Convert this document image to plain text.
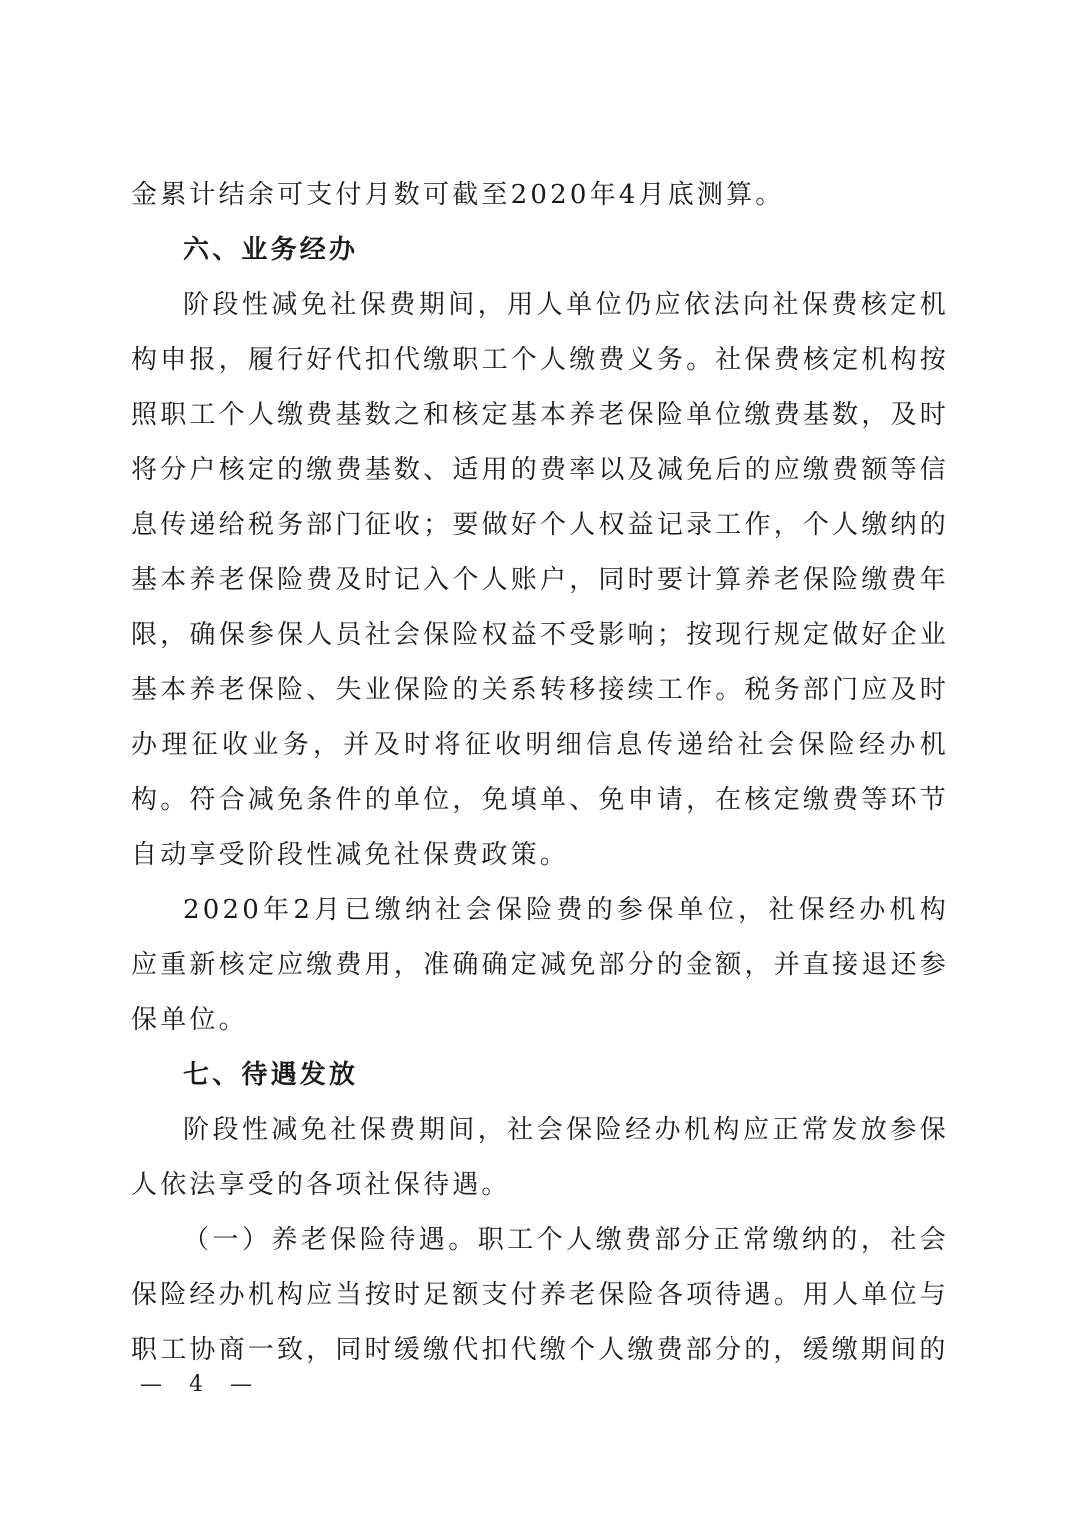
金累计结余可支付月数可截至2020年4月底测算。
六、业务经办

阶段性减免社保费期间，用人单位仍应依法向社保费核定机构申报，履行好代扣代缴职工个人缴费义务。社保费核定机构按照职工个人缴费基数之和核定基本养老保险单位缴费基数，及时将分户核定的缴费基数、适用的费率以及减免后的应缴费额等信息传递给税务部门征收；要做好个人权益记录工作，个人缴纳的基本养老保险费及时记入个人账户，同时要计算养老保险缴费年限，确保参保人员社会保险权益不受影响；按现行规定做好企业基本养老保险、失业保险的关系转移接续工作。税务部门应及时办理征收业务，并及时将征收明细信息传递给社会保险经办机构。符合减免条件的单位，免填单、免申请，在核定缴费等环节自动享受阶段性减免社保费政策。

2020年2月已缴纳社会保险费的参保单位，社保经办机构应重新核定应缴费用，准确确定减免部分的金额，并直接退还参保单位。

七、待遇发放

阶段性减免社保费期间，社会保险经办机构应正常发放参保人依法享受的各项社保待遇。

（一）养老保险待遇。职工个人缴费部分正常缴纳的，社会保险经办机构应当按时足额支付养老保险各项待遇。用人单位与职工协商一致，同时缓缴代扣代缴个人缴费部分的，缓缴期间的

— 4 —
